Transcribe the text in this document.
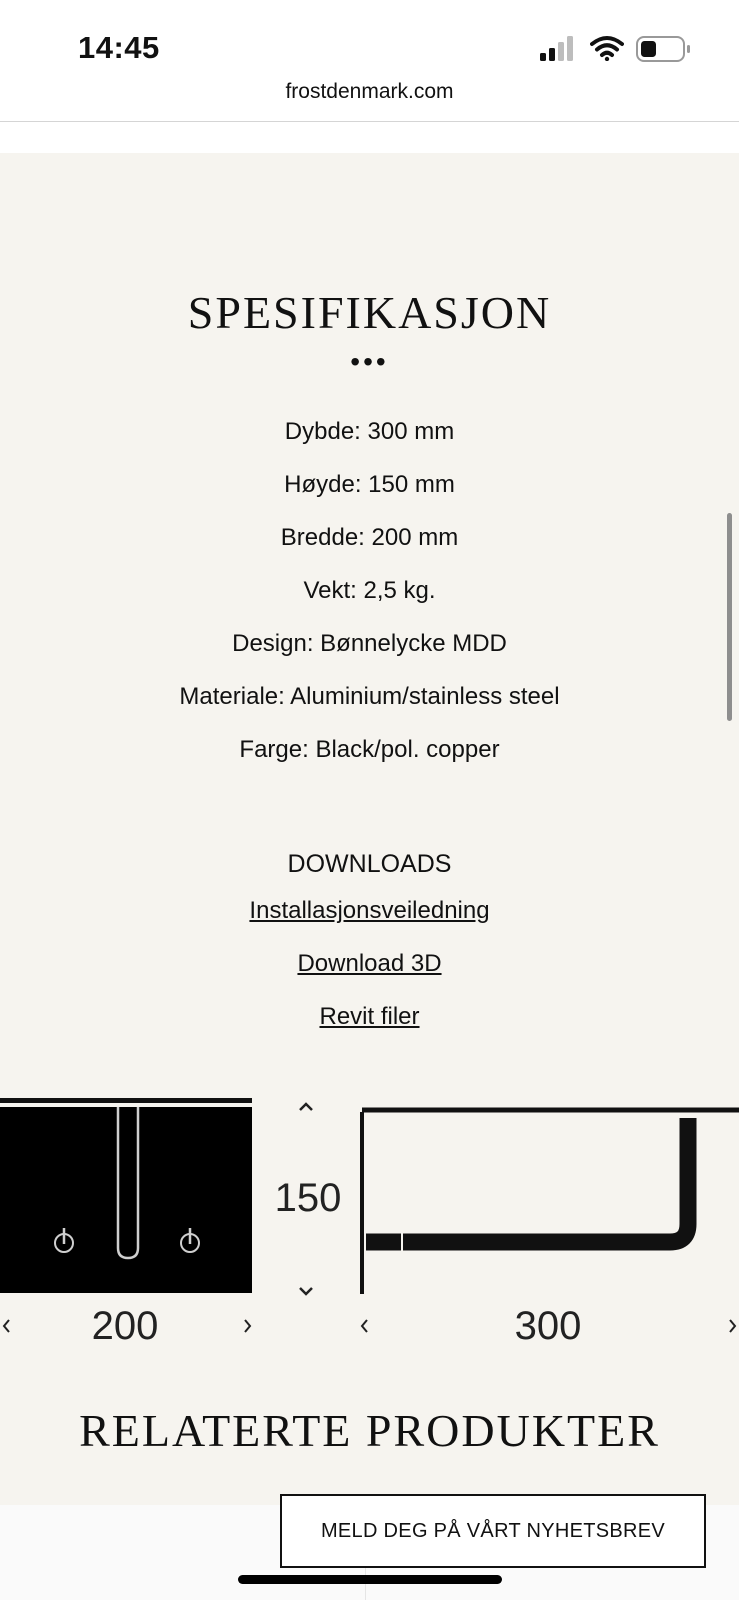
14:45
frostdenmark.com
SPESIFIKASJON
•••
Dybde: 300 mm
Høyde: 150 mm
Bredde: 200 mm
Vekt: 2,5 kg.
Design: Bønnelycke MDD
Materiale: Aluminium/stainless steel
Farge: Black/pol. copper
DOWNLOADS
Installasjonsveiledning
Download 3D
Revit filer
150
200	300
RELATERTE PRODUKTER
MELD DEG PÅ VÅRT NYHETSBREV
